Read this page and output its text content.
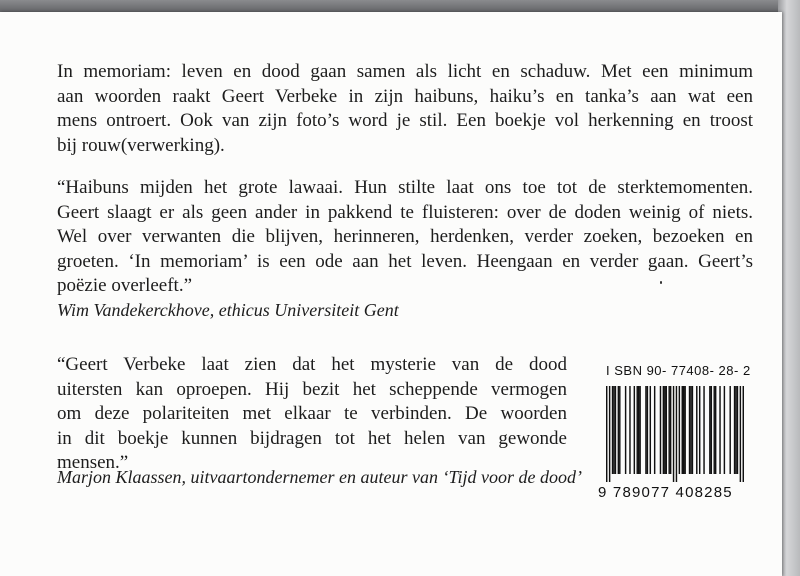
In memoriam: leven en dood gaan samen als licht en schaduw. Met een minimum
aan woorden raakt Geert Verbeke in zijn haibuns, haiku’s en tanka’s aan wat een
mens ontroert. Ook van zijn foto’s word je stil. Een boekje vol herkenning en troost
bij rouw(verwerking).

“Haibuns mijden het grote lawaai. Hun stilte laat ons toe tot de sterktemomenten.
Geert slaagt er als geen ander in pakkend te fluisteren: over de doden weinig of niets.
Wel over verwanten die blijven, herinneren, herdenken, verder zoeken, bezoeken en
groeten. ‘In memoriam’ is een ode aan het leven. Heengaan en verder gaan. Geert’s
poëzie overleeft.”

Wim Vandekerckhove, ethicus Universiteit Gent

“Geert Verbeke laat zien dat het mysterie van de dood
uitersten kan oproepen. Hij bezit het scheppende vermogen
om deze polariteiten met elkaar te verbinden. De woorden
in dit boekje kunnen bijdragen tot het helen van gewonde
mensen.”

Marjon Klaassen, uitvaartondernemer en auteur van ‘Tijd voor de dood’

I SBN 90- 77408- 28- 2

9 789077 408285
